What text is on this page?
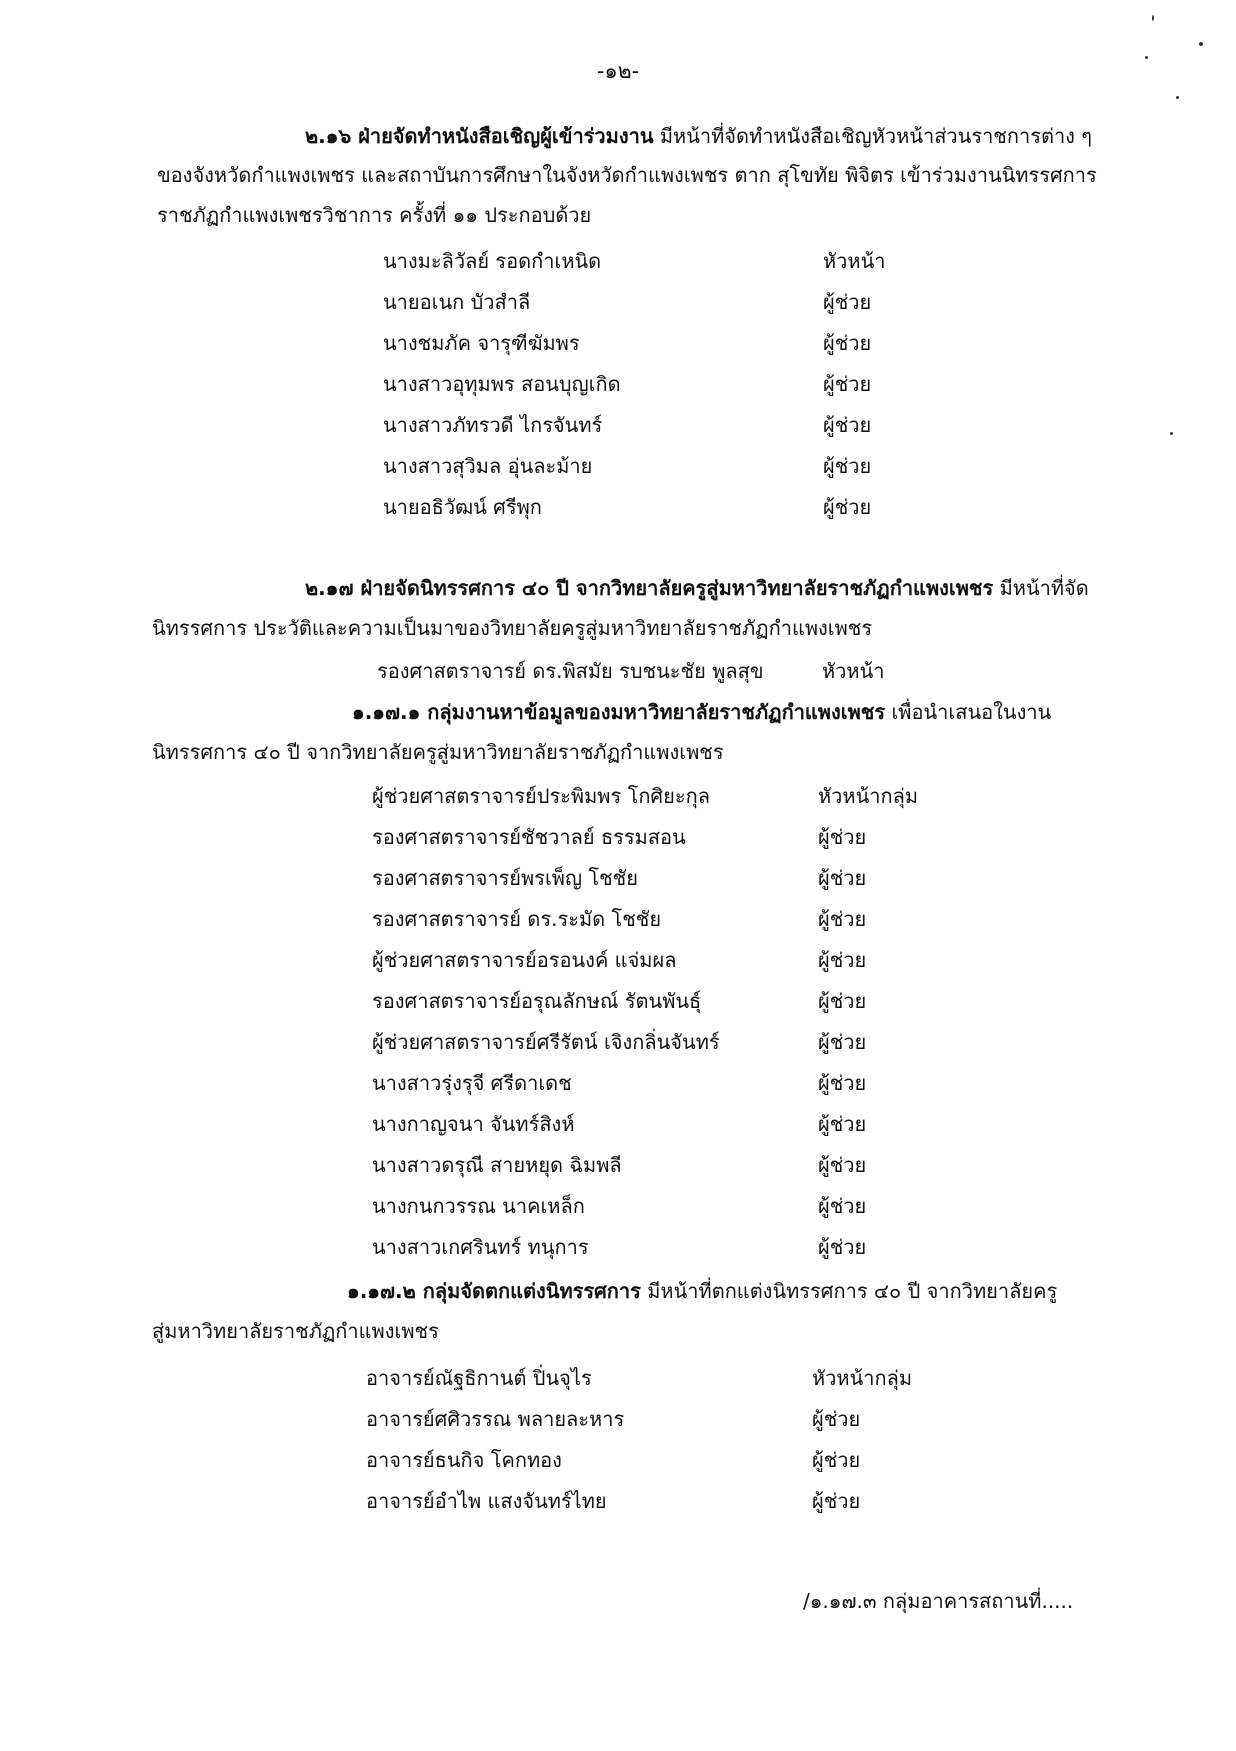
-๑๒-
๒.๑๖ ฝ่ายจัดทำหนังสือเชิญผู้เข้าร่วมงาน มีหน้าที่จัดทำหนังสือเชิญหัวหน้าส่วนราชการต่าง ๆ
ของจังหวัดกำแพงเพชร และสถาบันการศึกษาในจังหวัดกำแพงเพชร ตาก สุโขทัย พิจิตร เข้าร่วมงานนิทรรศการ
ราชภัฏกำแพงเพชรวิชาการ ครั้งที่ ๑๑ ประกอบด้วย
นางมะลิวัลย์ รอดกำเหนิด	หัวหน้า
นายอเนก บัวสำลี	ผู้ช่วย
นางชมภัค จารุฑีฆัมพร	ผู้ช่วย
นางสาวอุทุมพร สอนบุญเกิด	ผู้ช่วย
นางสาวภัทรวดี ไกรจันทร์	ผู้ช่วย
นางสาวสุวิมล อุ่นละม้าย	ผู้ช่วย
นายอธิวัฒน์ ศรีพุก	ผู้ช่วย
๒.๑๗ ฝ่ายจัดนิทรรศการ ๔๐ ปี จากวิทยาลัยครูสู่มหาวิทยาลัยราชภัฏกำแพงเพชร มีหน้าที่จัด
นิทรรศการ ประวัติและความเป็นมาของวิทยาลัยครูสู่มหาวิทยาลัยราชภัฏกำแพงเพชร
รองศาสตราจารย์ ดร.พิสมัย รบชนะชัย พูลสุข	หัวหน้า
๑.๑๗.๑ กลุ่มงานหาข้อมูลของมหาวิทยาลัยราชภัฏกำแพงเพชร เพื่อนำเสนอในงาน
นิทรรศการ ๔๐ ปี จากวิทยาลัยครูสู่มหาวิทยาลัยราชภัฏกำแพงเพชร
ผู้ช่วยศาสตราจารย์ประพิมพร โกศิยะกุล	หัวหน้ากลุ่ม
รองศาสตราจารย์ชัชวาลย์ ธรรมสอน	ผู้ช่วย
รองศาสตราจารย์พรเพ็ญ โชชัย	ผู้ช่วย
รองศาสตราจารย์ ดร.ระมัด โชชัย	ผู้ช่วย
ผู้ช่วยศาสตราจารย์อรอนงค์ แจ่มผล	ผู้ช่วย
รองศาสตราจารย์อรุณลักษณ์ รัตนพันธุ์	ผู้ช่วย
ผู้ช่วยศาสตราจารย์ศรีรัตน์ เจิงกลิ่นจันทร์	ผู้ช่วย
นางสาวรุ่งรุจี ศรีดาเดช	ผู้ช่วย
นางกาญจนา จันทร์สิงห์	ผู้ช่วย
นางสาวดรุณี สายหยุด ฉิมพลี	ผู้ช่วย
นางกนกวรรณ นาคเหล็ก	ผู้ช่วย
นางสาวเกศรินทร์ ทนุการ	ผู้ช่วย
๑.๑๗.๒ กลุ่มจัดตกแต่งนิทรรศการ มีหน้าที่ตกแต่งนิทรรศการ ๔๐ ปี จากวิทยาลัยครู
สู่มหาวิทยาลัยราชภัฏกำแพงเพชร
อาจารย์ณัฐธิกานต์ ปิ่นจุไร	หัวหน้ากลุ่ม
อาจารย์ศศิวรรณ พลายละหาร	ผู้ช่วย
อาจารย์ธนกิจ โคกทอง	ผู้ช่วย
อาจารย์อำไพ แสงจันทร์ไทย	ผู้ช่วย
/๑.๑๗.๓ กลุ่มอาคารสถานที่.....
